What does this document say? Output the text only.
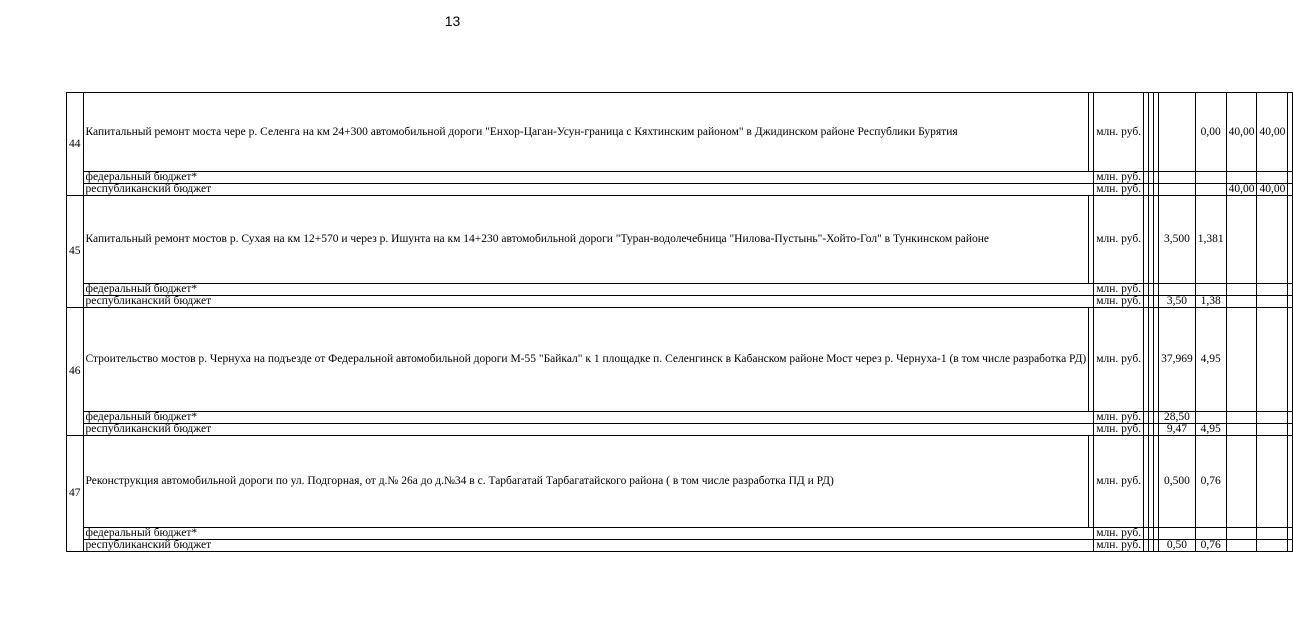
13
44	Капитальный ремонт моста чере р. Селенга на км 24+300 автомобильной дороги "Енхор-Цаган-Усун-граница с Кяхтинским районом" в Джидинском районе Республики Бурятия		млн. руб.					0,00	40,00	40,00	
	федеральный бюджет*		млн. руб.								
	республиканский бюджет		млн. руб.						40,00	40,00	
45	Капитальный ремонт мостов р. Сухая на км 12+570 и через р. Ишунта на км 14+230 автомобильной дороги "Туран-водолечебница "Нилова-Пустынь"-Хойто-Гол" в Тункинском районе		млн. руб.				3,500	1,381			
	федеральный бюджет*		млн. руб.								
	республиканский бюджет		млн. руб.				3,50	1,38			
46	Строительство мостов р. Чернуха на подъезде от Федеральной автомобильной дороги М-55 "Байкал" к 1 площадке п. Селенгинск в Кабанском районе Мост через р. Чернуха-1 (в том числе разработка РД)		млн. руб.				37,969	4,95			
	федеральный бюджет*		млн. руб.				28,50				
	республиканский бюджет		млн. руб.				9,47	4,95			
47	Реконструкция автомобильной дороги по ул. Подгорная, от д.№ 26а до д.№34 в с. Тарбагатай Тарбагатайского района ( в том числе разработка ПД и РД)		млн. руб.				0,500	0,76			
	федеральный бюджет*		млн. руб.								
	республиканский бюджет		млн. руб.				0,50	0,76			
